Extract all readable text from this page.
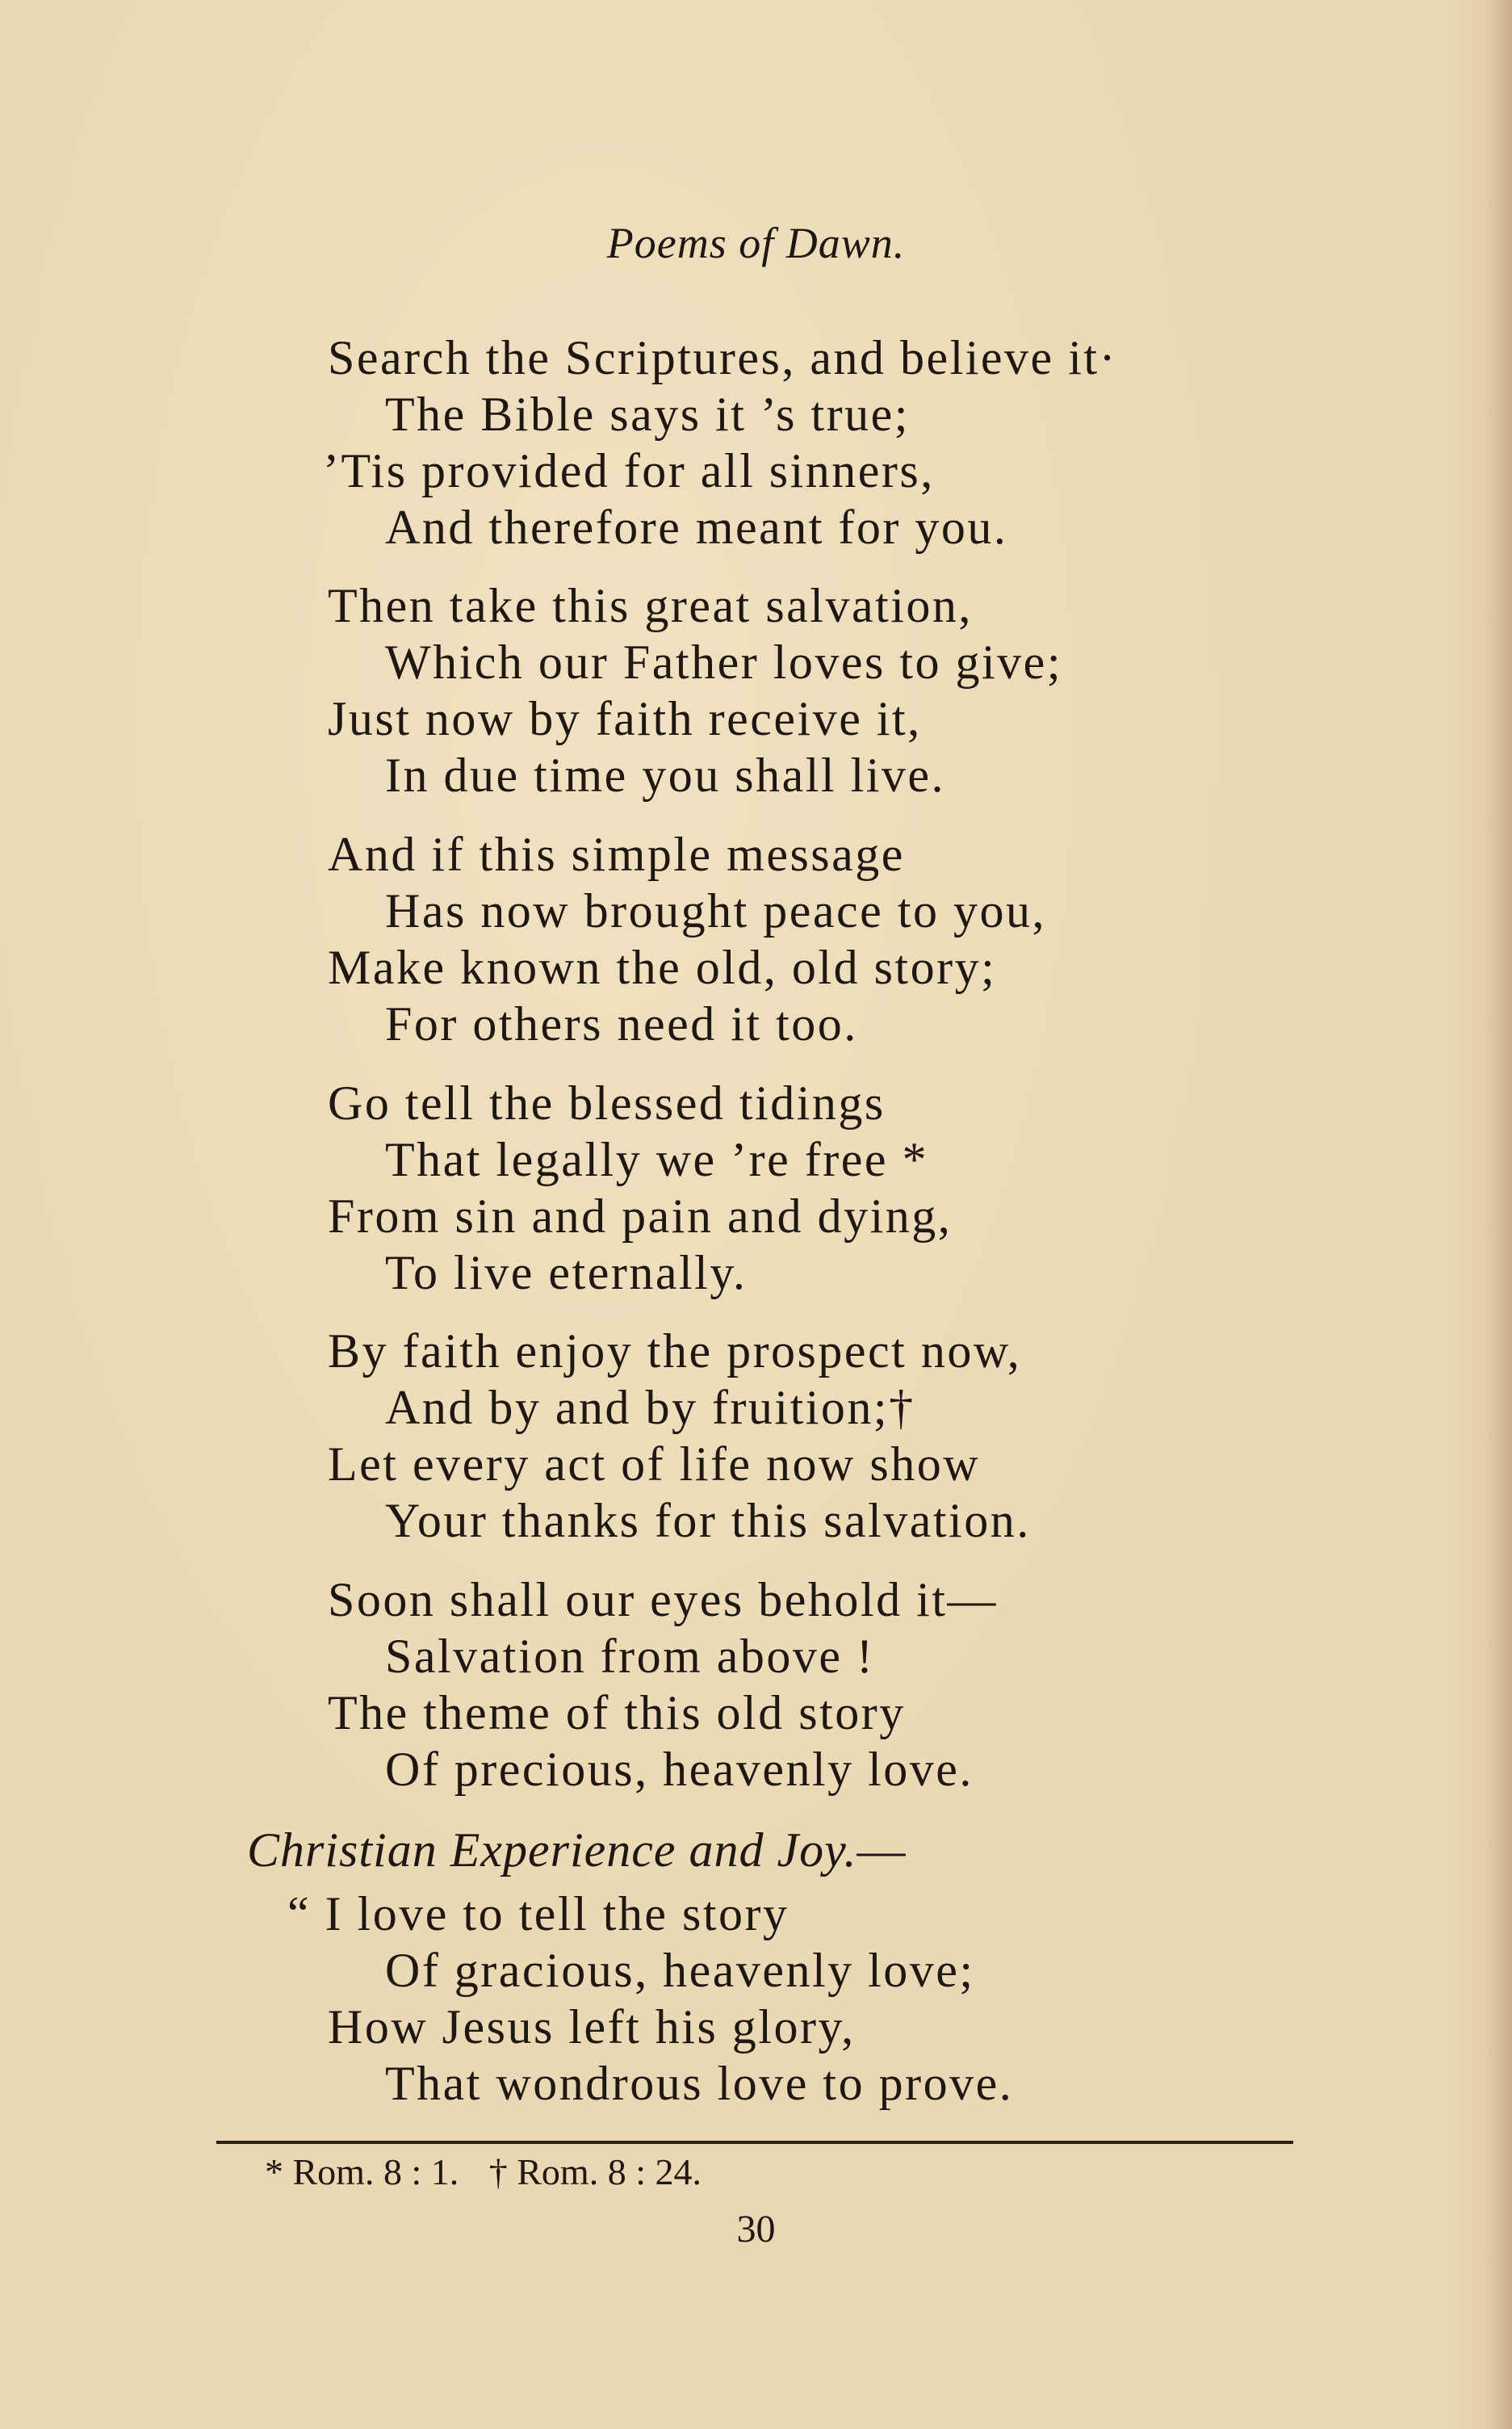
Poems of Dawn.
Search the Scriptures, and believe it·
The Bible says it ’s true;
’Tis provided for all sinners,
And therefore meant for you.
Then take this great salvation,
Which our Father loves to give;
Just now by faith receive it,
In due time you shall live.
And if this simple message
Has now brought peace to you,
Make known the old, old story;
For others need it too.
Go tell the blessed tidings
That legally we ’re free *
From sin and pain and dying,
To live eternally.
By faith enjoy the prospect now,
And by and by fruition;†
Let every act of life now show
Your thanks for this salvation.
Soon shall our eyes behold it—
Salvation from above !
The theme of this old story
Of precious, heavenly love.
Christian Experience and Joy.—
“ I love to tell the story
Of gracious, heavenly love;
How Jesus left his glory,
That wondrous love to prove.
* Rom. 8 : 1. † Rom. 8 : 24.
30
